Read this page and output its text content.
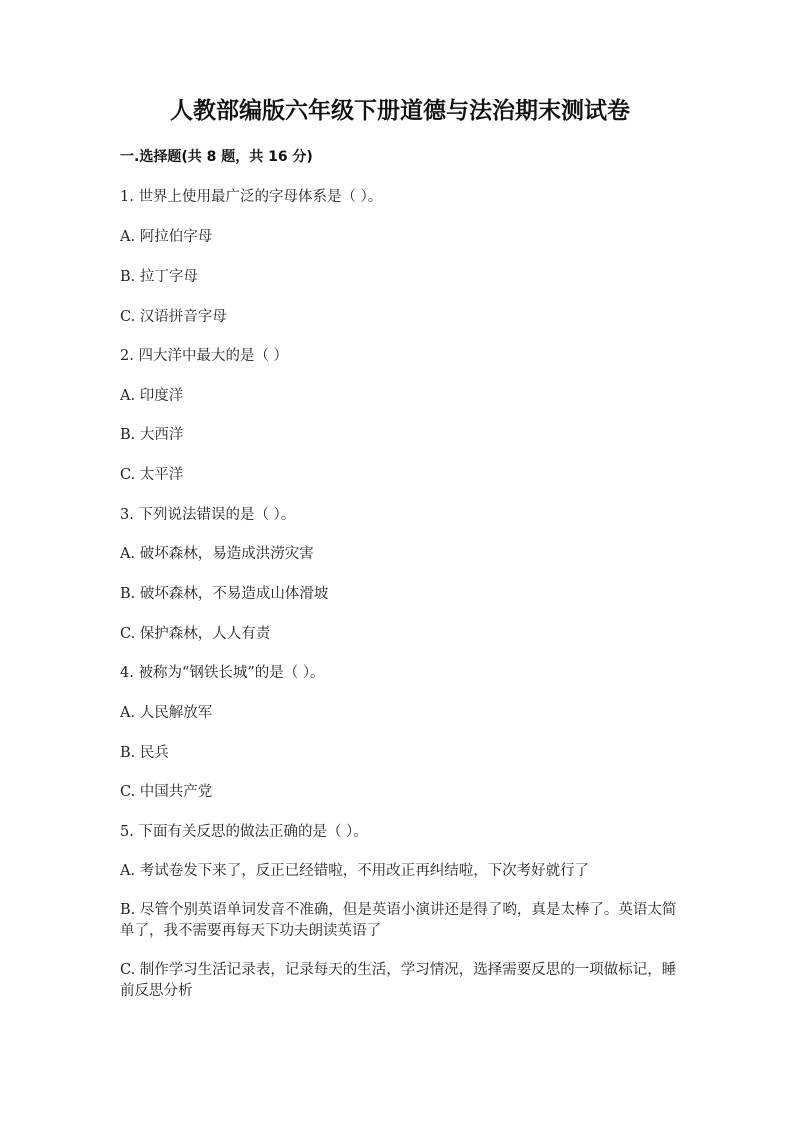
人教部编版六年级下册道德与法治期末测试卷

一.选择题(共 8 题，共 16 分)

1. 世界上使用最广泛的字母体系是（ ）。

A. 阿拉伯字母

B. 拉丁字母

C. 汉语拼音字母

2. 四大洋中最大的是（ ）

A. 印度洋

B. 大西洋

C. 太平洋

3. 下列说法错误的是（ ）。

A. 破坏森林，易造成洪涝灾害

B. 破坏森林，不易造成山体滑坡

C. 保护森林，人人有责

4. 被称为“钢铁长城”的是（ ）。

A. 人民解放军

B. 民兵

C. 中国共产党

5. 下面有关反思的做法正确的是（ ）。

A. 考试卷发下来了，反正已经错啦，不用改正再纠结啦，下次考好就行了

B. 尽管个别英语单词发音不准确，但是英语小演讲还是得了哟，真是太棒了。英语太简单了，我不需要再每天下功夫朗读英语了

C. 制作学习生活记录表，记录每天的生活，学习情况，选择需要反思的一项做标记，睡前反思分析
